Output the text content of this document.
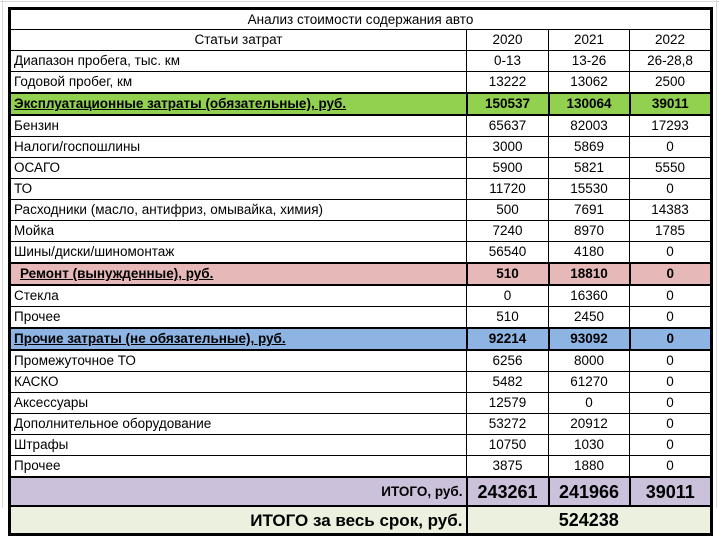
Анализ стоимости содержания авто			
Статьи затрат	2020	2021	2022
Диапазон пробега, тыс. км	0-13	13-26	26-28,8
Годовой пробег, км	13222	13062	2500
Эксплуатационные затраты (обязательные), руб.	150537	130064	39011
Бензин	65637	82003	17293
Налоги/госпошлины	3000	5869	0
ОСАГО	5900	5821	5550
ТО	11720	15530	0
Расходники (масло, антифриз, омывайка, химия)	500	7691	14383
Мойка	7240	8970	1785
Шины/диски/шиномонтаж	56540	4180	0
Ремонт (вынужденные), руб.	510	18810	0
Стекла	0	16360	0
Прочее	510	2450	0
Прочие затраты (не обязательные), руб.	92214	93092	0
Промежуточное ТО	6256	8000	0
КАСКО	5482	61270	0
Аксессуары	12579	0	0
Дополнительное оборудование	53272	20912	0
Штрафы	10750	1030	0
Прочее	3875	1880	0
ИТОГО, руб.	243261	241966	39011
ИТОГО за весь срок, руб.	524238		
